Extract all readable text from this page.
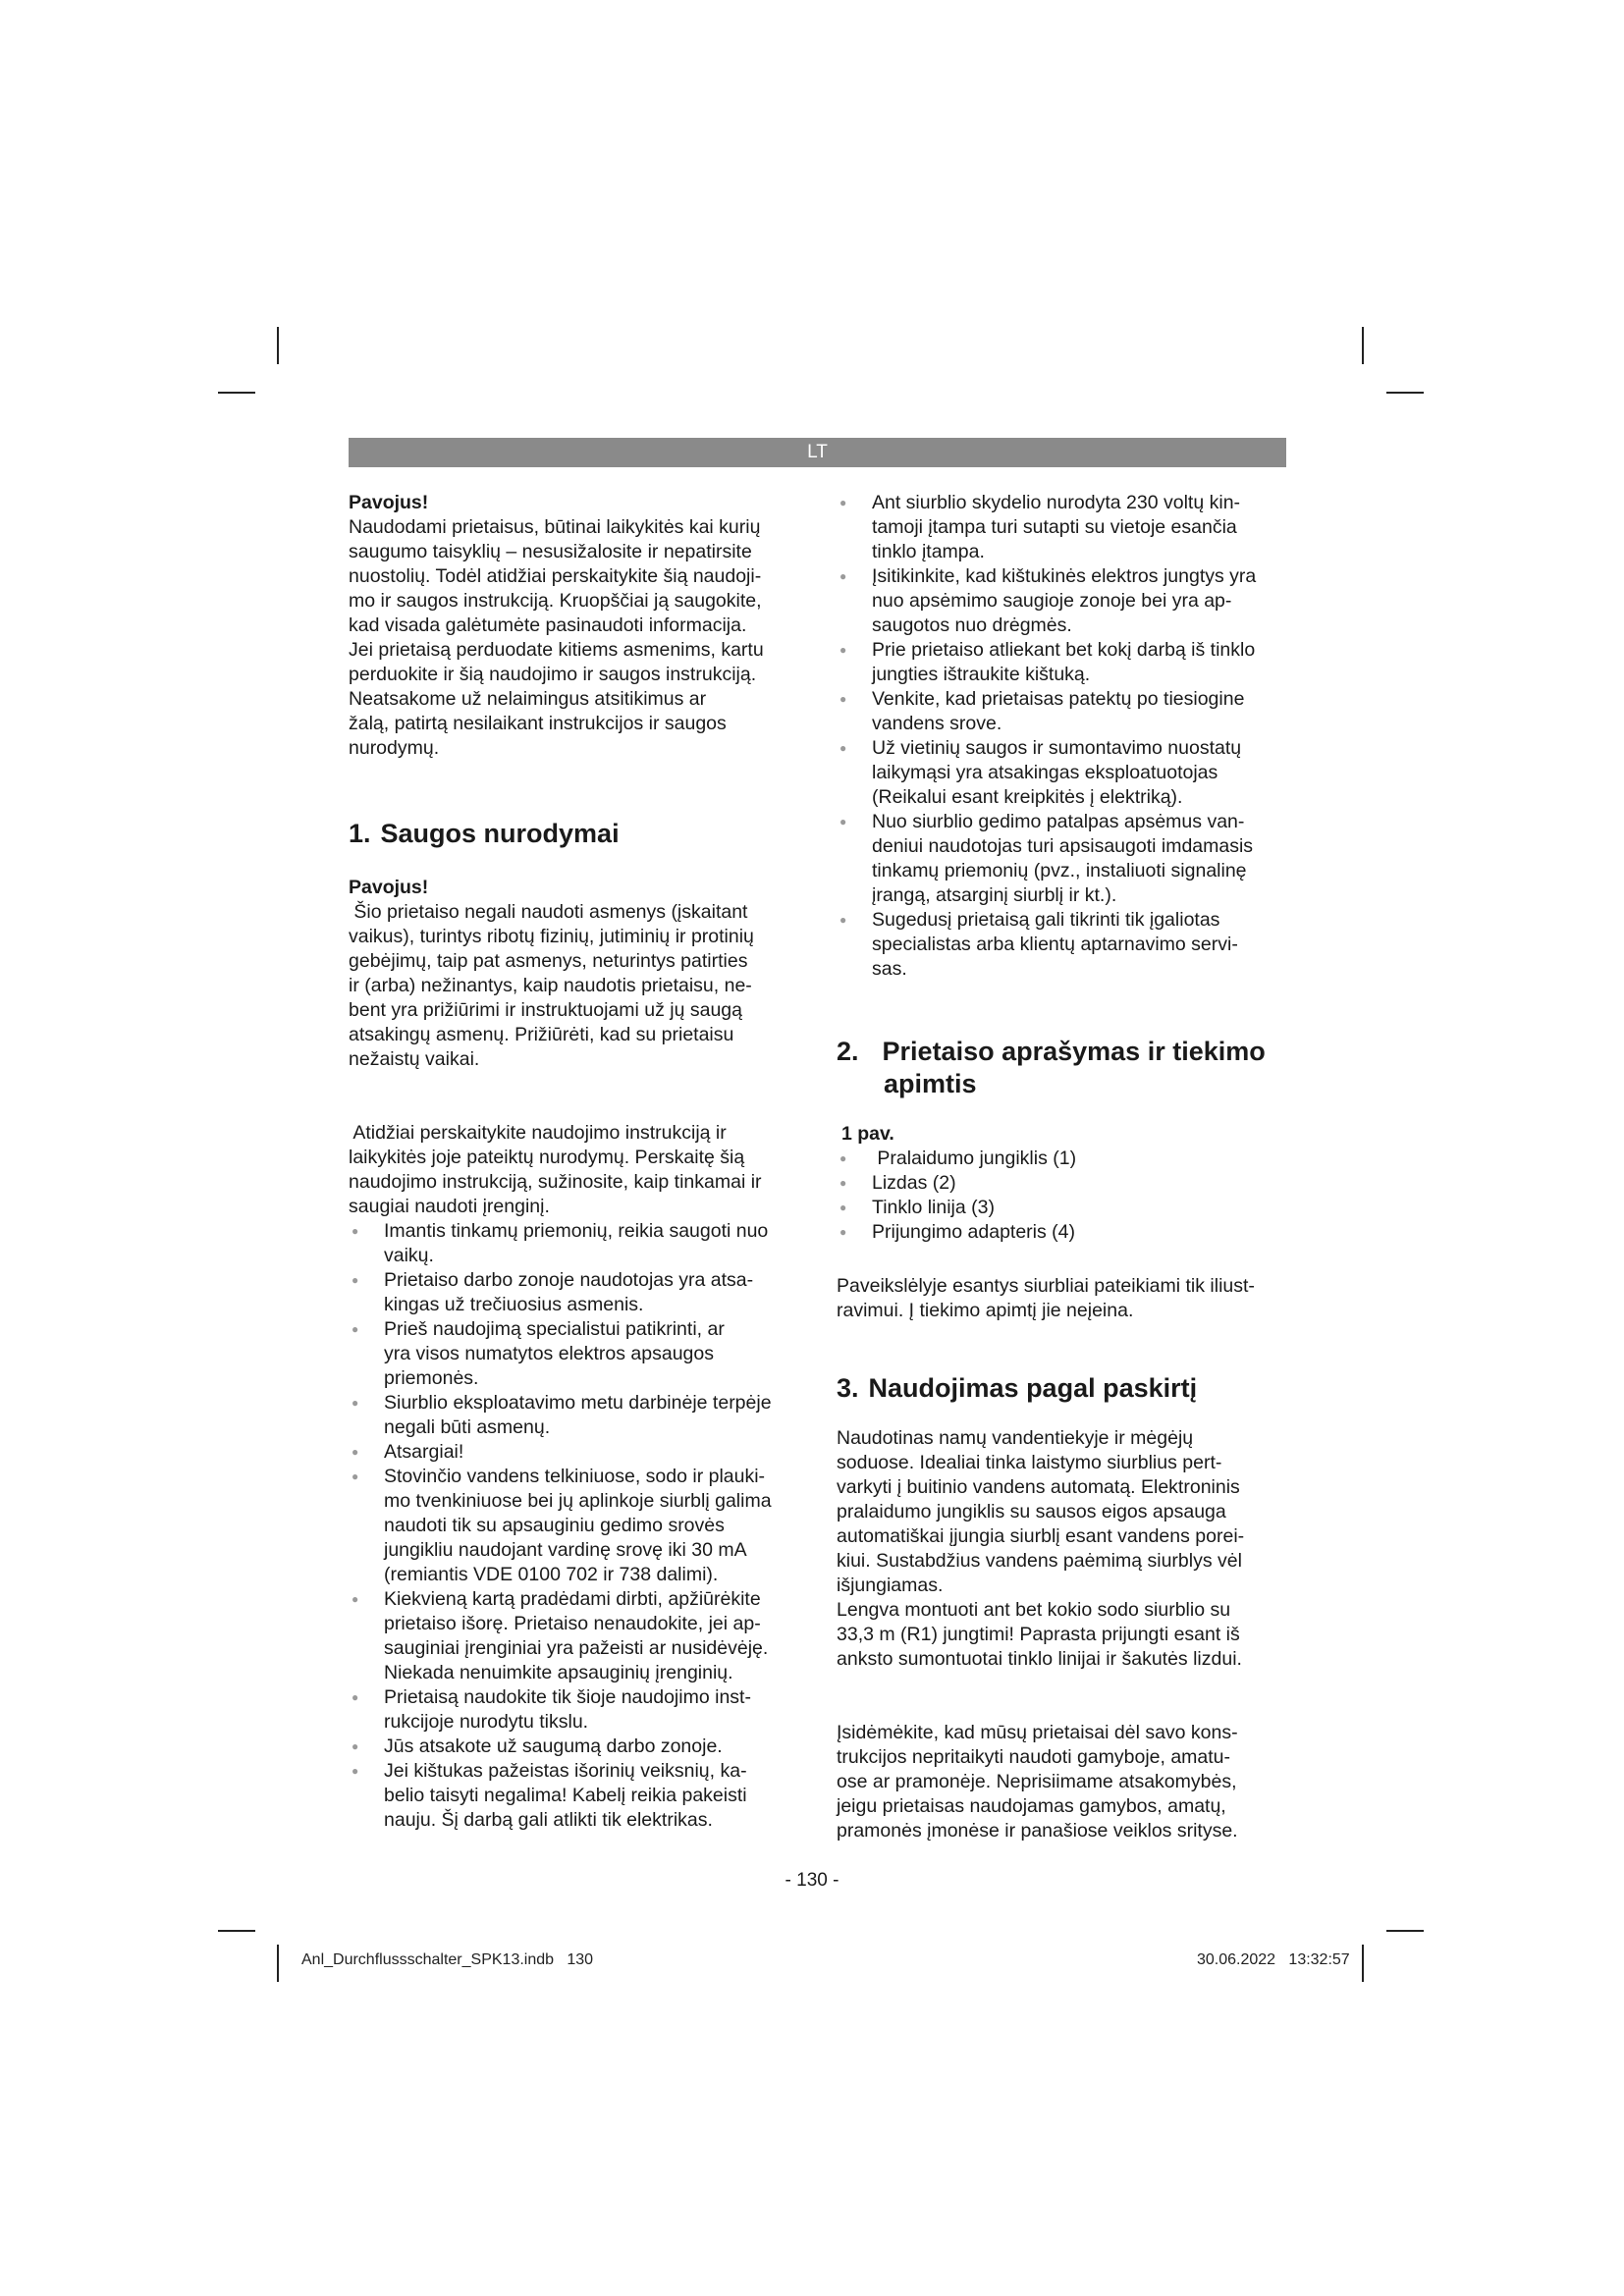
LT

Pavojus!

Naudodami prietaisus, būtinai laikykitės kai kurių
saugumo taisyklių – nesusižalosite ir nepatirsite
nuostolių. Todėl atidžiai perskaitykite šią naudoji-
mo ir saugos instrukciją. Kruopščiai ją saugokite,
kad visada galėtumėte pasinaudoti informacija.
Jei prietaisą perduodate kitiems asmenims, kartu
perduokite ir šią naudojimo ir saugos instrukciją.
Neatsakome už nelaimingus atsitikimus ar
žalą, patirtą nesilaikant instrukcijos ir saugos
nurodymų.
1. Saugos nurodymai

Pavojus!

Šio prietaiso negali naudoti asmenys (įskaitant
vaikus), turintys ribotų fizinių, jutiminių ir protinių
gebėjimų, taip pat asmenys, neturintys patirties
ir (arba) nežinantys, kaip naudotis prietaisu, ne-
bent yra prižiūrimi ir instruktuojami už jų saugą
atsakingų asmenų. Prižiūrėti, kad su prietaisu
nežaistų vaikai.
Atidžiai perskaitykite naudojimo instrukciją ir
laikykitės joje pateiktų nurodymų. Perskaitę šią
naudojimo instrukciją, sužinosite, kaip tinkamai ir
saugiai naudoti įrenginį.
● Imantis tinkamų priemonių, reikia saugoti nuo
vaikų.
● Prietaiso darbo zonoje naudotojas yra atsa-
kingas už trečiuosius asmenis.
● Prieš naudojimą specialistui patikrinti, ar
yra visos numatytos elektros apsaugos
priemonės.
● Siurblio eksploatavimo metu darbinėje terpėje
negali būti asmenų.
● Atsargiai!
● Stovinčio vandens telkiniuose, sodo ir plauki-
mo tvenkiniuose bei jų aplinkoje siurblį galima
naudoti tik su apsauginiu gedimo srovės
jungikliu naudojant vardinę srovę iki 30 mA
(remiantis VDE 0100 702 ir 738 dalimi).
● Kiekvieną kartą pradėdami dirbti, apžiūrėkite
prietaiso išorę. Prietaiso nenaudokite, jei ap-
sauginiai įrenginiai yra pažeisti ar nusidėvėję.
Niekada nenuimkite apsauginių įrenginių.
● Prietaisą naudokite tik šioje naudojimo inst-
rukcijoje nurodytu tikslu.
● Jūs atsakote už saugumą darbo zonoje.
● Jei kištukas pažeistas išorinių veiksnių, ka-
belio taisyti negalima! Kabelį reikia pakeisti
nauju. Šį darbą gali atlikti tik elektrikas.
● Ant siurblio skydelio nurodyta 230 voltų kin-
tamoji įtampa turi sutapti su vietoje esančia
tinklo įtampa.
● Įsitikinkite, kad kištukinės elektros jungtys yra
nuo apsėmimo saugioje zonoje bei yra ap-
saugotos nuo drėgmės.
● Prie prietaiso atliekant bet kokį darbą iš tinklo
jungties ištraukite kištuką.
● Venkite, kad prietaisas patektų po tiesiogine
vandens srove.
● Už vietinių saugos ir sumontavimo nuostatų
laikymąsi yra atsakingas eksploatuotojas
(Reikalui esant kreipkitės į elektriką).
● Nuo siurblio gedimo patalpas apsėmus van-
deniui naudotojas turi apsisaugoti imdamasis
tinkamų priemonių (pvz., instaliuoti signalinę
įrangą, atsarginį siurblį ir kt.).
● Sugedusį prietaisą gali tikrinti tik įgaliotas
specialistas arba klientų aptarnavimo servi-
sas.
2. Prietaiso aprašymas ir tiekimo
apimtis

1 pav.

●  Pralaidumo jungiklis (1)
● Lizdas (2)
● Tinklo linija (3)
● Prijungimo adapteris (4)
Paveikslėlyje esantys siurbliai pateikiami tik iliust-
ravimui. Į tiekimo apimtį jie neįeina.
3. Naudojimas pagal paskirtį
Naudotinas namų vandentiekyje ir mėgėjų
soduose. Idealiai tinka laistymo siurblius pert-
varkyti į buitinio vandens automatą. Elektroninis
pralaidumo jungiklis su sausos eigos apsauga
automatiškai įjungia siurblį esant vandens porei-
kiui. Sustabdžius vandens paėmimą siurblys vėl
išjungiamas.
Lengva montuoti ant bet kokio sodo siurblio su
33,3 m (R1) jungtimi! Paprasta prijungti esant iš
anksto sumontuotai tinklo linijai ir šakutės lizdui.
Įsidėmėkite, kad mūsų prietaisai dėl savo kons-
trukcijos nepritaikyti naudoti gamyboje, amatu-
ose ar pramonėje. Neprisiimame atsakomybės,
jeigu prietaisas naudojamas gamybos, amatų,
pramonės įmonėse ir panašiose veiklos srityse.
- 130 -
Anl_Durchflussschalter_SPK13.indb   130	30.06.2022   13:32:57
